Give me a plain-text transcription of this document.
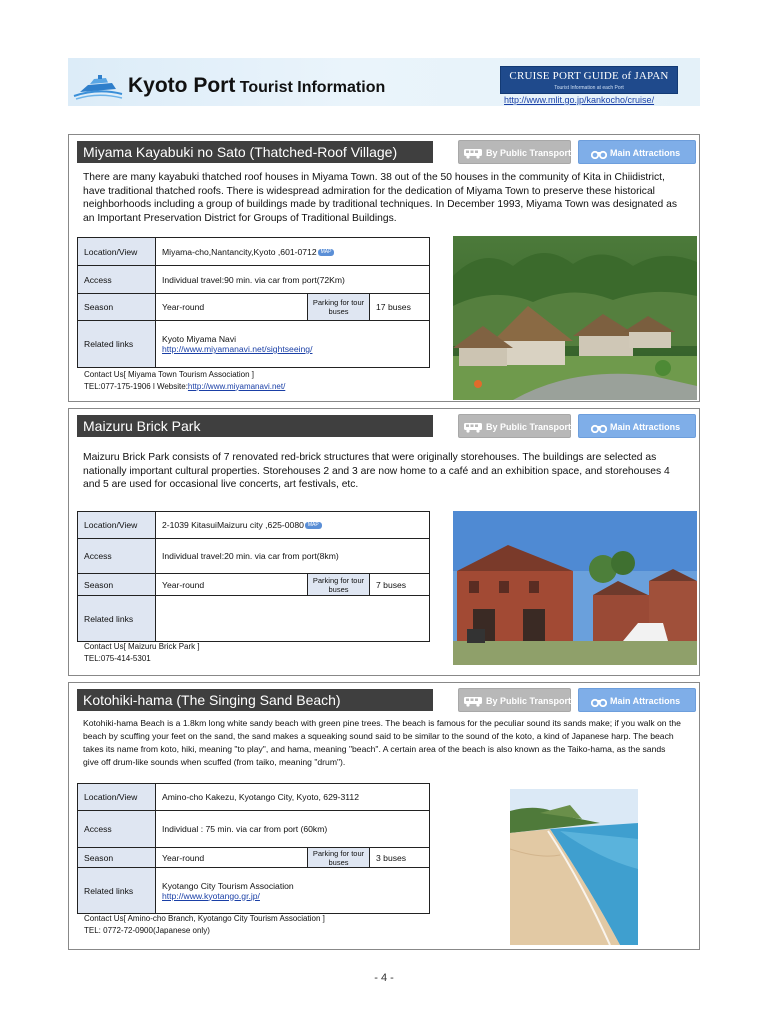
Kyoto Port Tourist Information
CRUISE PORT GUIDE of JAPAN
Tourist Information at each Port
http://www.mlit.go.jp/kankocho/cruise/
Miyama Kayabuki no Sato (Thatched-Roof Village)	By Public Transport	Main Attractions
There are many kayabuki thatched roof houses in Miyama Town. 38 out of the 50 houses in the community of Kita in Chiidistrict, have traditional thatched roofs. There is widespread admiration for the dedication of Miyama Town to preserve these historical neighborhoods including a group of buildings made by traditional techniques. In December 1993, Miyama Town was designated as an Important Preservation District for Groups of Traditional Buildings.
Location/View	Miyama-cho,Nantancity,Kyoto ,601-0712 MAP		
Access	Individual travel:90 min. via car from port(72Km)		
Season	Year-round	Parking for tour buses	17 buses
Related links	Kyoto Miyama Navi
http://www.miyamanavi.net/sightseeing/		
Contact Us[ Miyama Town Tourism Association ]
TEL:077-175-1906 l Website:http://www.miyamanavi.net/
Maizuru Brick Park	By Public Transport	Main Attractions
Maizuru Brick Park consists of 7 renovated red-brick structures that were originally storehouses. The buildings are selected as nationally important cultural properties. Storehouses 2 and 3 are now home to a café and an exhibition space, and storehouses 4 and 5 are used for occasional live concerts, art festivals, etc.
Location/View	2-1039 KitasuiMaizuru city ,625-0080 MAP		
Access	Individual travel:20 min. via car from port(8km)		
Season	Year-round	Parking for tour buses	7 buses
Related links			
Contact Us[ Maizuru Brick Park ]
TEL:075-414-5301
Kotohiki-hama (The Singing Sand Beach)	By Public Transport	Main Attractions
Kotohiki-hama Beach is a 1.8km long white sandy beach with green pine trees. The beach is famous for the peculiar sound its sands make; if you walk on the beach by scuffing your feet on the sand, the sand makes a squeaking sound said to be similar to the sound of the koto, a kind of Japanese harp. The beach takes its name from koto, hiki, meaning "to play", and hama, meaning "beach". A certain area of the beach is also known as the Taiko-hama, as the sands give off drum-like sounds when scuffed (from taiko, meaning "drum").
Location/View	Amino-cho Kakezu, Kyotango City, Kyoto, 629-3112		
Access	Individual : 75 min. via car from port (60km)		
Season	Year-round	Parking for tour buses	3 buses
Related links	Kyotango City Tourism Association
http://www.kyotango.gr.jp/		
Contact Us[ Amino-cho Branch, Kyotango City Tourism Association ]
TEL: 0772-72-0900(Japanese only)
- 4 -
